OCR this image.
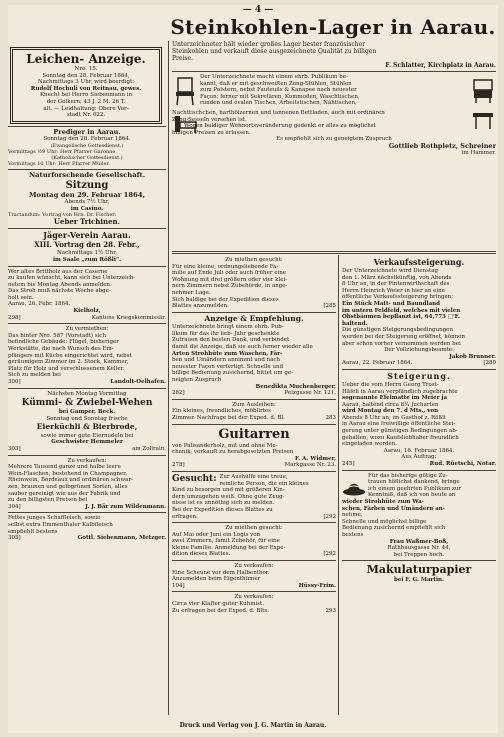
— 4 —
Steinkohlen-Lager in Aarau.
Leichen- Anzeige.

Nro. 15.

Sonntag den 28. Februar 1864,

Nachmittags 3 Uhr, wird beerdigt:

Rudolf Hochuli von Reitnau, gewes.

Knecht bei Herrn Siebenmann in

der Golkern; 43 J. 2 M. 26 T.

alt. — Leidhaltung: Obere Vor-

stadt Nr. 622.

Prediger in Aarau.

Sonntag den 28. Februar 1864.

(Evangelische Gottesdienst.)

Vormittags ½9 Uhr: Herr Pfarrer Garonne.

(Katholischer Gottesdienst.)

Vormittags 10 Uhr: Herr Pfarrer Müller.

Naturforschende Gesellschaft.

Sitzung

Montag den 29. Februar 1864,

Abends 7½ Uhr,

im Casino.

Tractandum: Vortrag von Hrn. Dr. Fischer:

Ueber Trichinen.

Jäger-Verein Aarau.

XIII. Vortrag den 28. Febr.,

Nachmittags 1½ Uhr,

im Saale „zum Rößli“.

Wer altes Brittholz aus der Caserne

zu kaufen wünscht, kann sich bei Unterzeich-

netem bis Montag Abends anmelden.

Das Stroh muß nächste Woche abge-

holt sein.

Aarau, 26. Febr. 1864.

Kielholz,

298]	Kantons Kriegskommissär.

Zu vermiethen:

Das hinter Nro. 587 (Vorstadt) sich

befindliche Gebäude: Flügel, bisheriger

Werkstätte, die nach Wunsch des Em-

pfängers mit Küche eingerichtet wird, nebst

geräumigem Zimmer im 2. Stock, Kammer,

Platz für Holz und verschlossenem Keller.

Sich zu melden bei

300]	Landolt-Oelhafen.

Nächsten Montag Vormittag

Kümmi- & Zwiebel-Wehen

bei Gamper, Beck.

Sonntag und Sonntag frische

Eierküchli & Bierbrode,

sowie immer gute Eiernudeln bei

Geschwister Hemmeler

303]	am Zollrain.

Zu verkaufen:

Mehrere Tausend ganze und halbe leere

Wein-Flaschen, bestehend in Champagner,

Rheinwein, Bordeaux und ordinären schwar-

zen, braunen und gelbgrünen Sorten, alles

sauber gereinigt wie aus der Fabrik und

zu den billigsten Preisen bei

304]	J. J. Bär zum Wildenmann.

Fettes junges Schaffleisch, sowie

selbst extra Emmenthaler Kalbfleisch

empfiehlt bestens

305]	Gottl. Siebenmann, Metzger.

Unterzeichneter hält wieder großes Lager bester französischer

Steinkohlen und verkauft diese ausgezeichnete Qualität zu billigen

Preise.

F. Schlatter, Kirchplatz in Aarau.

Der Unterzeichnete macht einem ehrb. Publikum be-

kannt, daß er mit geschweiften Zong-Stühlen, Stühlen

zum Polstern, nebst Fauteuils & Kanapee nach neuester

Façon; ferner mit Sekretären, Kommoden, Waschtischen,

runden und ovalen Tischen, Arbeitstischen, Nähtischen,

Nachttischchen, harthölzernen und tannenen Bettladen, auch mit ordinären

Zong-Sesseln versehen ist.

Wegen baldiger Wohnortsveränderung gedenkt er alles zu möglichst

billigen Preisen zu erlassen.

Es empfiehlt sich zu geneigtem Zuspruch

Gottlieb Rothpletz, Schreiner

im Hammer.

Zu miethen gesucht:

Für eine kleine, ordnungsliebende Fa-

milie auf Ende Juli oder auch früher eine

Wohnung mit drei größern oder vier klei-

nern Zimmern nebst Zubehörde, in ange-

nehmer Lage.

Sich baldige bei der Expedition dieses

Blattes anzumelden.	[285

Anzeige & Empfehlung.

Unterzeichnete bringt einem ehrb. Pub-

likum für das ihr lieb- Jahr geschenkte

Zutrauen den besten Dank, und verbindet

damit die Anzeige, daß sie auch ferner wieder alle

Arten Strohhüte zum Waschen, Fär-

ben und Umändern annimmt und nach

neuester Façon verfertigt. Schnelle und

billige Bedienung zusichernd, bittet um ge-

neigten Zuspruch

Benedikta Muchenberger,

282]	Pelzgasse Nr. 121.

Zum Ausleihen:

Ein kleines, freundliches, möblirtes

Zimmer. Nachfrage bei der Exped. d. Bl.	283

Guitarren

von Palisanderholz, mit und ohne Me-

chanik, verkauft zu herabgesetzten Preisen

F. A. Widmer,

278]	Markgasse Nr. 23.
Gesucht: Zur Aushülfe eine treue,

reinliche Person, die ein kleines

Kind zu besorgen und mit größeren Kin-

dern umzugehen weiß. Ohne gute Zeug-

nisse ist es unnöthig sich zu melden.

Bei der Expedition dieses Blattes zu

erfragen.	[292

Zu miethen gesucht:

Auf Mai oder Juni ein Logis von

zwei Zimmern, famit Zubehör, für eine

kleine Familie. Anmeldung bei der Expe-

dition dieses Blattes.	[292

Zu verkaufen:

Eine Scheune vor dem Halbenthor.

Anzumelden beim Eigenthümer

104]	Hüssy-Frim.

Zu verkaufen:

Circa vier Klafter guter Kuhmist.

Zu erfragen bei der Exped. d. Blts.	293

Verkaufssteigerung.

Der Unterzeichnete wird Dienstag

den 1. März nächstkünftig, von Abends

8 Uhr an, in der Pintenwirthschaft des

Herrn Heinrich Weier in hier an eine

öffentliche Verkaufssteigerung bringen:

Ein Stück Matt- und Baundland

im untern Feldfeld, welches mit vielen

Obstbäumen bepflanzt ist, 64,773 □'F.

haltend.

Die günstigen Steigerungsbedingungen

werden bei der Steigerung eröffnet, können

aber schon vorher vernommen werden bei

Der Vollziehungsbeamte:

Jakob Brunner.

Aarau, 22. Februar 1864.	[280

Steigerung.

Ueber die vom Herrn Georg Trost-

Häfeli in Aarau verpfändlich zugebrachte

sogenannte Efelmatte im Meier ja

Aarau, haltend circa 8¼ Jucharten

wird Montag den 7. d Mts., von

Abends 8 Uhr an, im Gasthof z. Rößli

in Aarau eine freiwillige öffentliche Stei-

gerung unter günstigen Bedingungen ab-

gehalten, wozu Kaufsliebhaber freundlich

eingeladen werden.

Aarau, 16. Februar 1864.

Aus Auftrag:

245]	Rud. Rüetschi, Notar.

Für das bisherige gütige Zu-

trauen höflichst dankend, bringe

ich einem geehrten Publikum zur

Kenntniß, daß ich von heute an

wieder Strohhüte zum Wa-

schen, Färben und Umändern an-

nehme.

Schnelle und möglichst billige

Bedienung zusichernd empfiehlt sich

bestens

Frau Waßmer-Boß,

Rathhausgasse Nr. 44,

bei Treppen hoch.

Makulaturpapier

bei F. G. Martin.

Druck und Verlag von J. G. Martin in Aarau.
